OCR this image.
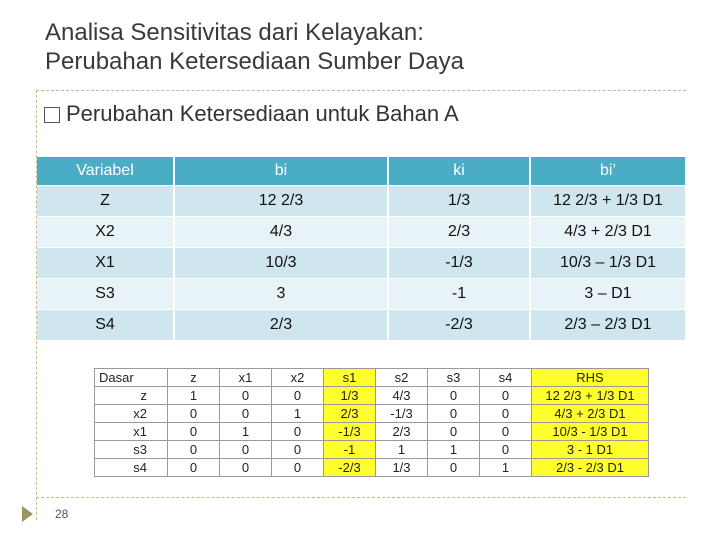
Analisa Sensitivitas dari Kelayakan:
Perubahan Ketersediaan Sumber Daya
Perubahan Ketersediaan untuk Bahan A
Variabel	bi	ki	bi’
Z	12 2/3	1/3	12 2/3 + 1/3 D1
X2	4/3	2/3	4/3 + 2/3 D1
X1	10/3	-1/3	10/3 – 1/3 D1
S3	3	-1	3 – D1
S4	2/3	-2/3	2/3 – 2/3 D1
Dasar	z	x1	x2	s1	s2	s3	s4	RHS
z	1	0	0	1/3	4/3	0	0	12 2/3 + 1/3 D1
x2	0	0	1	2/3	-1/3	0	0	4/3 + 2/3 D1
x1	0	1	0	-1/3	2/3	0	0	10/3 - 1/3 D1
s3	0	0	0	-1	1	1	0	3 - 1 D1
s4	0	0	0	-2/3	1/3	0	1	2/3 - 2/3 D1
28
